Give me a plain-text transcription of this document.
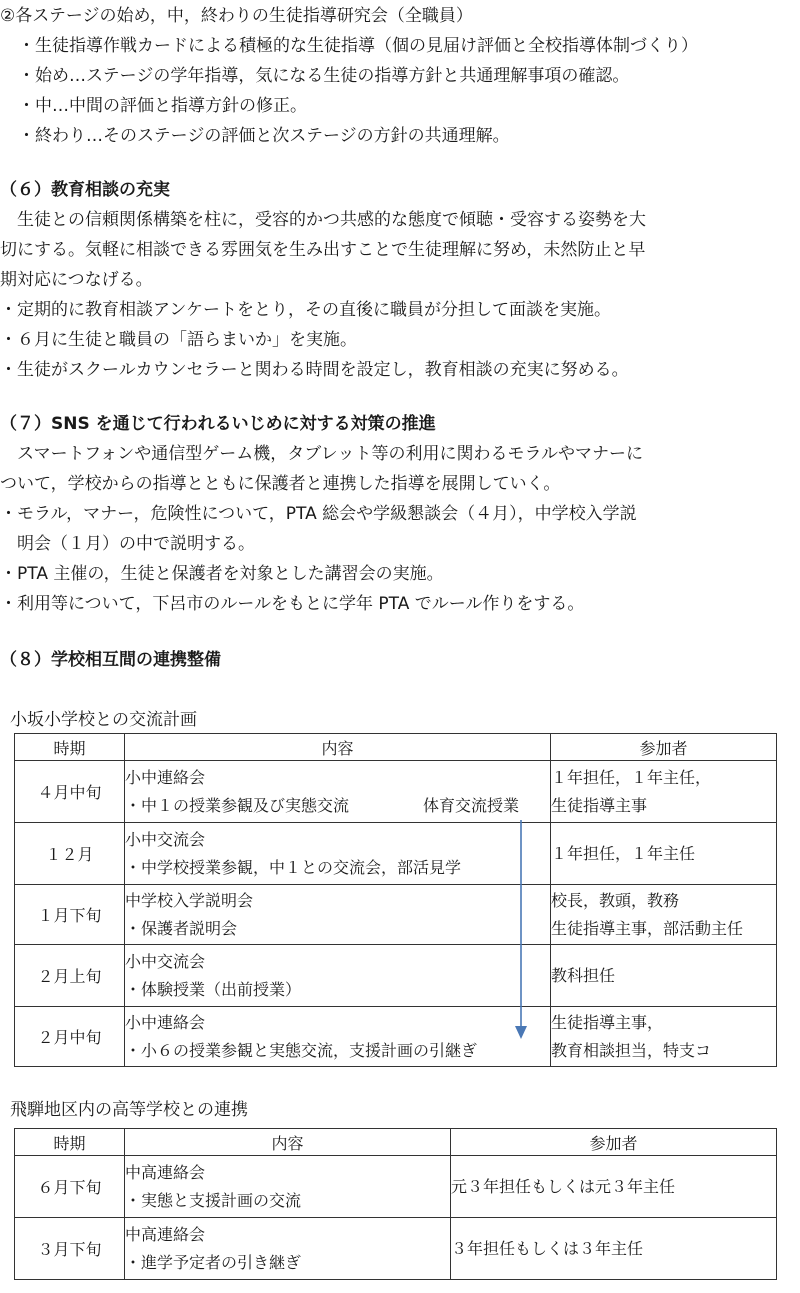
②各ステージの始め，中，終わりの生徒指導研究会（全職員）
・生徒指導作戦カードによる積極的な生徒指導（個の見届け評価と全校指導体制づくり）
・始め…ステージの学年指導，気になる生徒の指導方針と共通理解事項の確認。
・中…中間の評価と指導方針の修正。
・終わり…そのステージの評価と次ステージの方針の共通理解。
（６）教育相談の充実
　生徒との信頼関係構築を柱に，受容的かつ共感的な態度で傾聴・受容する姿勢を大
切にする。気軽に相談できる雰囲気を生み出すことで生徒理解に努め，未然防止と早
期対応につなげる。
・定期的に教育相談アンケートをとり，その直後に職員が分担して面談を実施。
・６月に生徒と職員の「語らまいか」を実施。
・生徒がスクールカウンセラーと関わる時間を設定し，教育相談の充実に努める。
（７）SNS を通じて行われるいじめに対する対策の推進
　スマートフォンや通信型ゲーム機，タブレット等の利用に関わるモラルやマナーに
ついて，学校からの指導とともに保護者と連携した指導を展開していく。
・モラル，マナー，危険性について，PTA 総会や学級懇談会（４月），中学校入学説
　明会（１月）の中で説明する。
・PTA 主催の，生徒と保護者を対象とした講習会の実施。
・利用等について，下呂市のルールをもとに学年 PTA でルール作りをする。
（８）学校相互間の連携整備
小坂小学校との交流計画
時期	内容	参加者
４月中旬	小中連絡会
・中１の授業参観及び実態交流 体育交流授業	１年担任，１年主任，
生徒指導主事

１２月	小中交流会
・中学校授業参観，中１との交流会，部活見学	１年担任，１年主任

１月下旬	中学校入学説明会
・保護者説明会	校長，教頭，教務
生徒指導主事，部活動主任

２月上旬	小中交流会
・体験授業（出前授業）	教科担任

２月中旬	小中連絡会
・小６の授業参観と実態交流，支援計画の引継ぎ	生徒指導主事，
教育相談担当，特支コ
飛騨地区内の高等学校との連携
時期	内容	参加者
６月下旬	中高連絡会
・実態と支援計画の交流	元３年担任もしくは元３年主任

３月下旬	中高連絡会
・進学予定者の引き継ぎ	３年担任もしくは３年主任
